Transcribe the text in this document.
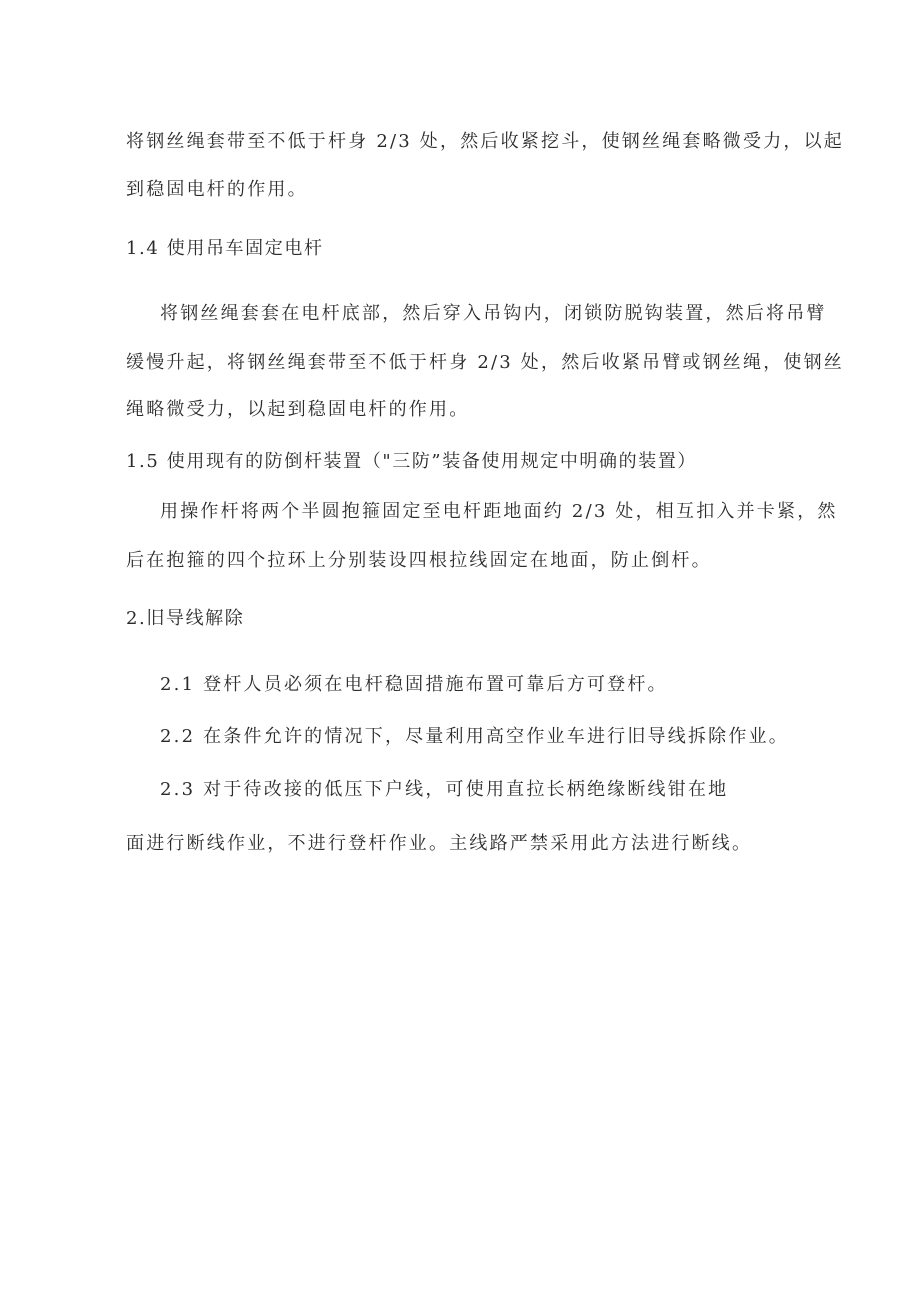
将钢丝绳套带至不低于杆身 2/3 处，然后收紧挖斗，使钢丝绳套略微受力，以起
到稳固电杆的作用。
1.4 使用吊车固定电杆
将钢丝绳套套在电杆底部，然后穿入吊钩内，闭锁防脱钩装置，然后将吊臂
缓慢升起，将钢丝绳套带至不低于杆身 2/3 处，然后收紧吊臂或钢丝绳，使钢丝
绳略微受力，以起到稳固电杆的作用。
1.5 使用现有的防倒杆装置（"三防”装备使用规定中明确的装置）
用操作杆将两个半圆抱箍固定至电杆距地面约 2/3 处，相互扣入并卡紧，然
后在抱箍的四个拉环上分别装设四根拉线固定在地面，防止倒杆。
2.旧导线解除
2.1 登杆人员必须在电杆稳固措施布置可靠后方可登杆。
2.2 在条件允许的情况下，尽量利用高空作业车进行旧导线拆除作业。
2.3 对于待改接的低压下户线，可使用直拉长柄绝缘断线钳在地
面进行断线作业，不进行登杆作业。主线路严禁采用此方法进行断线。
